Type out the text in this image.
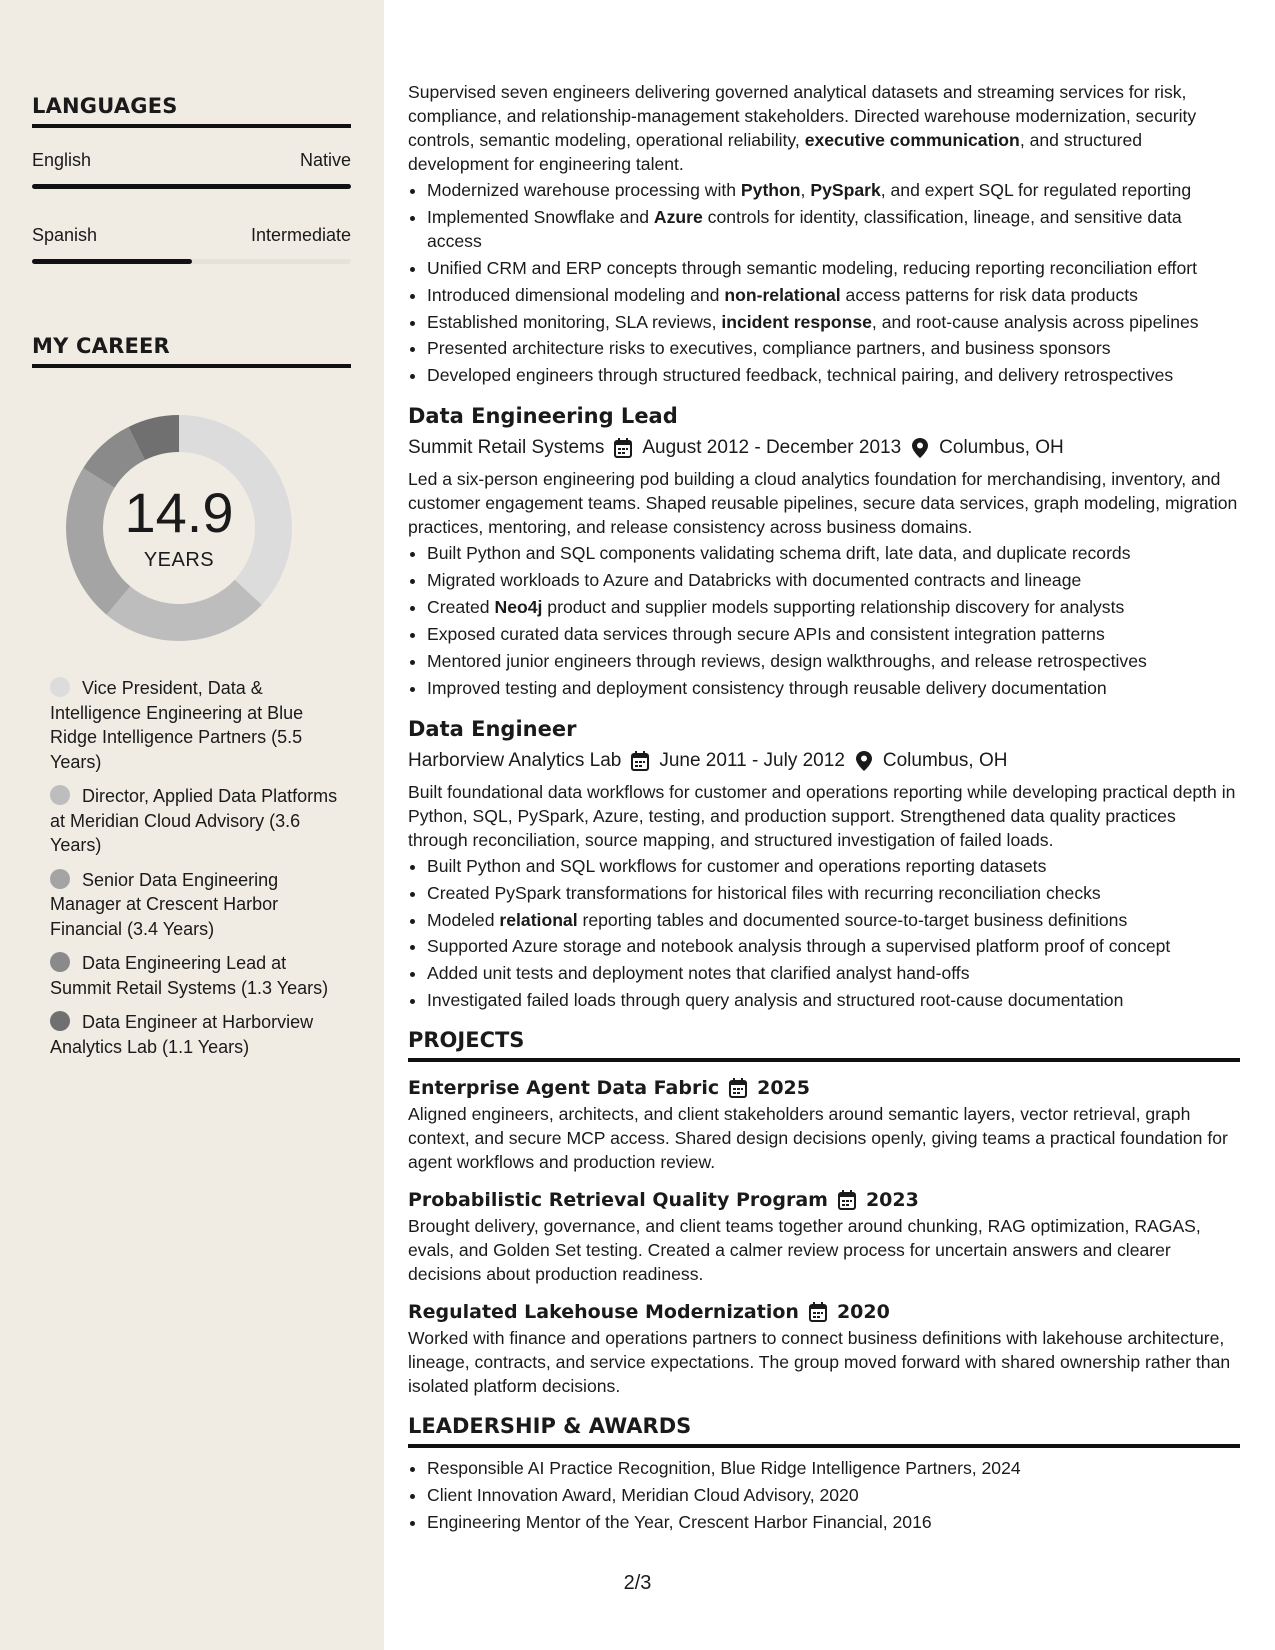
LANGUAGES
English	Native
Spanish	Intermediate
MY CAREER
14.9
YEARS
Vice President, Data & Intelligence Engineering at Blue Ridge Intelligence Partners (5.5 Years)
Director, Applied Data Platforms at Meridian Cloud Advisory (3.6 Years)
Senior Data Engineering Manager at Crescent Harbor Financial (3.4 Years)
Data Engineering Lead at Summit Retail Systems (1.3 Years)
Data Engineer at Harborview Analytics Lab (1.1 Years)

Supervised seven engineers delivering governed analytical datasets and streaming services for risk, compliance, and relationship-management stakeholders. Directed warehouse modernization, security controls, semantic modeling, operational reliability, executive communication, and structured development for engineering talent.

• Modernized warehouse processing with Python, PySpark, and expert SQL for regulated reporting
• Implemented Snowflake and Azure controls for identity, classification, lineage, and sensitive data access
• Unified CRM and ERP concepts through semantic modeling, reducing reporting reconciliation effort
• Introduced dimensional modeling and non-relational access patterns for risk data products
• Established monitoring, SLA reviews, incident response, and root-cause analysis across pipelines
• Presented architecture risks to executives, compliance partners, and business sponsors
• Developed engineers through structured feedback, technical pairing, and delivery retrospectives
Data Engineering Lead
Summit Retail Systems August 2012 - December 2013 Columbus, OH

Led a six-person engineering pod building a cloud analytics foundation for merchandising, inventory, and customer engagement teams. Shaped reusable pipelines, secure data services, graph modeling, migration practices, mentoring, and release consistency across business domains.

• Built Python and SQL components validating schema drift, late data, and duplicate records
• Migrated workloads to Azure and Databricks with documented contracts and lineage
• Created Neo4j product and supplier models supporting relationship discovery for analysts
• Exposed curated data services through secure APIs and consistent integration patterns
• Mentored junior engineers through reviews, design walkthroughs, and release retrospectives
• Improved testing and deployment consistency through reusable delivery documentation
Data Engineer
Harborview Analytics Lab June 2011 - July 2012 Columbus, OH

Built foundational data workflows for customer and operations reporting while developing practical depth in Python, SQL, PySpark, Azure, testing, and production support. Strengthened data quality practices through reconciliation, source mapping, and structured investigation of failed loads.

• Built Python and SQL workflows for customer and operations reporting datasets
• Created PySpark transformations for historical files with recurring reconciliation checks
• Modeled relational reporting tables and documented source-to-target business definitions
• Supported Azure storage and notebook analysis through a supervised platform proof of concept
• Added unit tests and deployment notes that clarified analyst hand-offs
• Investigated failed loads through query analysis and structured root-cause documentation
PROJECTS
Enterprise Agent Data Fabric 2025

Aligned engineers, architects, and client stakeholders around semantic layers, vector retrieval, graph context, and secure MCP access. Shared design decisions openly, giving teams a practical foundation for agent workflows and production review.

Probabilistic Retrieval Quality Program 2023

Brought delivery, governance, and client teams together around chunking, RAG optimization, RAGAS, evals, and Golden Set testing. Created a calmer review process for uncertain answers and clearer decisions about production readiness.

Regulated Lakehouse Modernization 2020

Worked with finance and operations partners to connect business definitions with lakehouse architecture, lineage, contracts, and service expectations. The group moved forward with shared ownership rather than isolated platform decisions.

LEADERSHIP & AWARDS
• Responsible AI Practice Recognition, Blue Ridge Intelligence Partners, 2024
• Client Innovation Award, Meridian Cloud Advisory, 2020
• Engineering Mentor of the Year, Crescent Harbor Financial, 2016
2/3
